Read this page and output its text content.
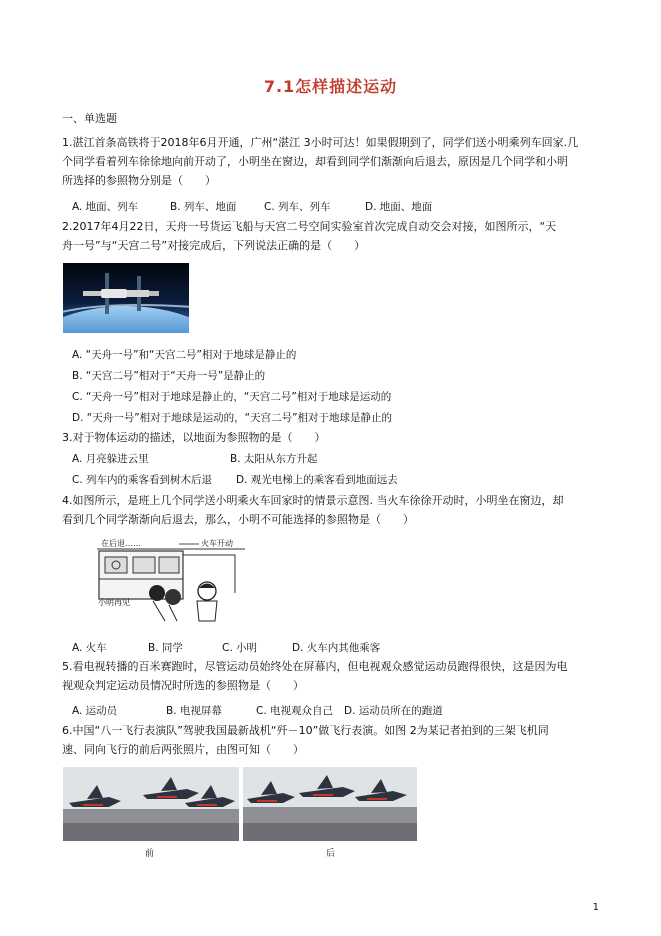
7.1怎样描述运动
一、单选题
1.湛江首条高铁将于2018年6月开通，广州“湛江 3小时可达！如果假期到了，同学们送小明乘列车回家.几
个同学看着列车徐徐地向前开动了，小明坐在窗边，却看到同学们渐渐向后退去，原因是几个同学和小明
所选择的参照物分别是（　　）
A. 地面、列车	B. 列车、地面	C. 列车、列车	D. 地面、地面
2.2017年4月22日，天舟一号货运飞船与天宫二号空间实验室首次完成自动交会对接，如图所示，“天
舟一号”与“天宫二号”对接完成后，下列说法正确的是（　　）
A. “天舟一号”和“天宫二号”相对于地球是静止的
B. “天宫二号”相对于“天舟一号”是静止的
C. “天舟一号”相对于地球是静止的，“天宫二号”相对于地球是运动的
D. “天舟一号”相对于地球是运动的，“天宫二号”相对于地球是静止的
3.对于物体运动的描述，以地面为参照物的是（　　）
A. 月亮躲进云里	B. 太阳从东方升起
C. 列车内的乘客看到树木后退 D. 观光电梯上的乘客看到地面远去
4.如图所示，是班上几个同学送小明乘火车回家时的情景示意图. 当火车徐徐开动时，小明坐在窗边，却
看到几个同学渐渐向后退去，那么，小明不可能选择的参照物是（　　）
在后退……	火车开动
小明再见
A. 火车	B. 同学	C. 小明	D. 火车内其他乘客
5.看电视转播的百米赛跑时，尽管运动员始终处在屏幕内，但电视观众感觉运动员跑得很快，这是因为电
视观众判定运动员情况时所选的参照物是（　　）
A. 运动员	B. 电视屏幕	C. 电视观众自己 D. 运动员所在的跑道
6.中国“八一飞行表演队”驾驶我国最新战机“歼－10”做飞行表演。如图 2为某记者拍到的三架飞机同
速、同向飞行的前后两张照片，由图可知（　　）
前	后
1
